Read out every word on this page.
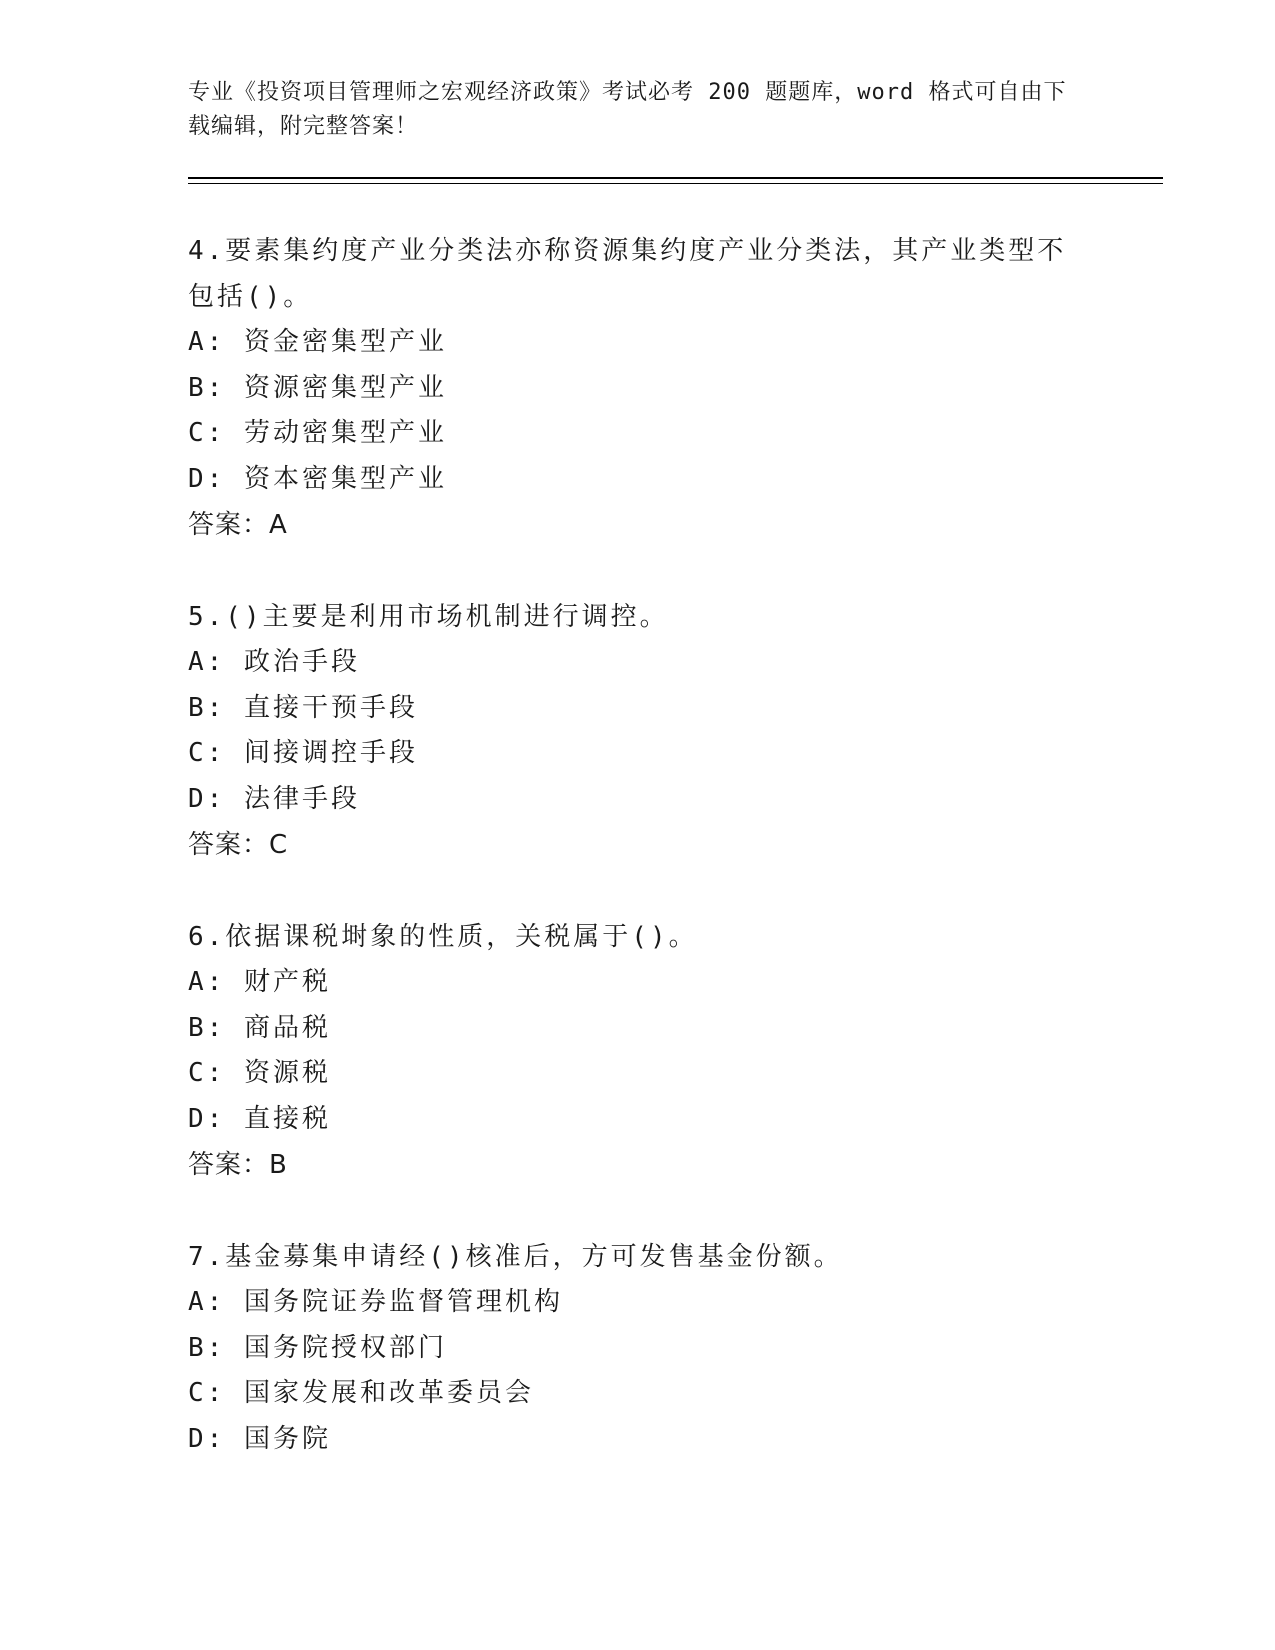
专业《投资项目管理师之宏观经济政策》考试必考 200 题题库，word 格式可自由下载编辑，附完整答案！

4.要素集约度产业分类法亦称资源集约度产业分类法，其产业类型不包括()。

A: 资金密集型产业
B: 资源密集型产业
C: 劳动密集型产业
D: 资本密集型产业
答案：A

5.()主要是利用市场机制进行调控。

A: 政治手段
B: 直接干预手段
C: 间接调控手段
D: 法律手段
答案：C

6.依据课税埘象的性质，关税属于()。

A: 财产税
B: 商品税
C: 资源税
D: 直接税
答案：B

7.基金募集申请经()核准后，方可发售基金份额。

A: 国务院证券监督管理机构
B: 国务院授权部门
C: 国家发展和改革委员会
D: 国务院
